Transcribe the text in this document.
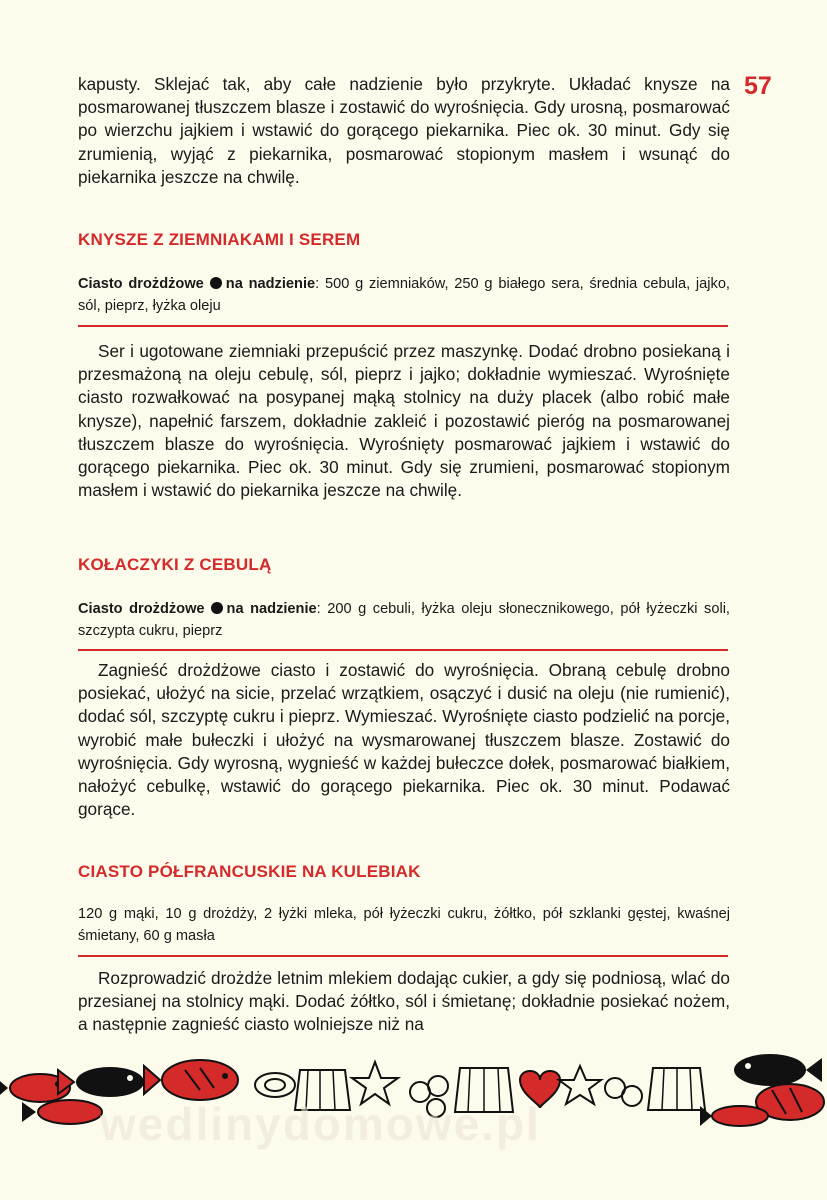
57

kapusty. Sklejać tak, aby całe nadzienie było przykryte. Układać knysze na posmarowanej tłuszczem blasze i zostawić do wyrośnięcia. Gdy urosną, posmarować po wierzchu jajkiem i wstawić do gorącego piekarnika. Piec ok. 30 minut. Gdy się zrumienią, wyjąć z piekarnika, posmarować stopionym masłem i wsunąć do piekarnika jeszcze na chwilę.

KNYSZE Z ZIEMNIAKAMI I SEREM
Ciasto drożdżowe na nadzienie: 500 g ziemniaków, 250 g białego sera, średnia cebula, jajko, sól, pieprz, łyżka oleju

Ser i ugotowane ziemniaki przepuścić przez maszynkę. Dodać drobno posiekaną i przesmażoną na oleju cebulę, sól, pieprz i jajko; dokładnie wymieszać. Wyrośnięte ciasto rozwałkować na posypanej mąką stolnicy na duży placek (albo robić małe knysze), napełnić farszem, dokładnie zakleić i pozostawić pieróg na posmarowanej tłuszczem blasze do wyrośnięcia. Wyrośnięty posmarować jajkiem i wstawić do gorącego piekarnika. Piec ok. 30 minut. Gdy się zrumieni, posmarować stopionym masłem i wstawić do piekarnika jeszcze na chwilę.

KOŁACZYKI Z CEBULĄ
Ciasto drożdżowe na nadzienie: 200 g cebuli, łyżka oleju słonecznikowego, pół łyżeczki soli, szczypta cukru, pieprz

Zagnieść drożdżowe ciasto i zostawić do wyrośnięcia. Obraną cebulę drobno posiekać, ułożyć na sicie, przelać wrzątkiem, osączyć i dusić na oleju (nie rumienić), dodać sól, szczyptę cukru i pieprz. Wymieszać. Wyrośnięte ciasto podzielić na porcje, wyrobić małe bułeczki i ułożyć na wysmarowanej tłuszczem blasze. Zostawić do wyrośnięcia. Gdy wyrosną, wygnieść w każdej bułeczce dołek, posmarować białkiem, nałożyć cebulkę, wstawić do gorącego piekarnika. Piec ok. 30 minut. Podawać gorące.

CIASTO PÓŁFRANCUSKIE NA KULEBIAK
120 g mąki, 10 g drożdży, 2 łyżki mleka, pół łyżeczki cukru, żółtko, pół szklanki gęstej, kwaśnej śmietany, 60 g masła

Rozprowadzić drożdże letnim mlekiem dodając cukier, a gdy się podniosą, wlać do przesianej na stolnicy mąki. Dodać żółtko, sól i śmietanę; dokładnie posiekać nożem, a następnie zagnieść ciasto wolniejsze niż na

wedlinydomowe.pl
